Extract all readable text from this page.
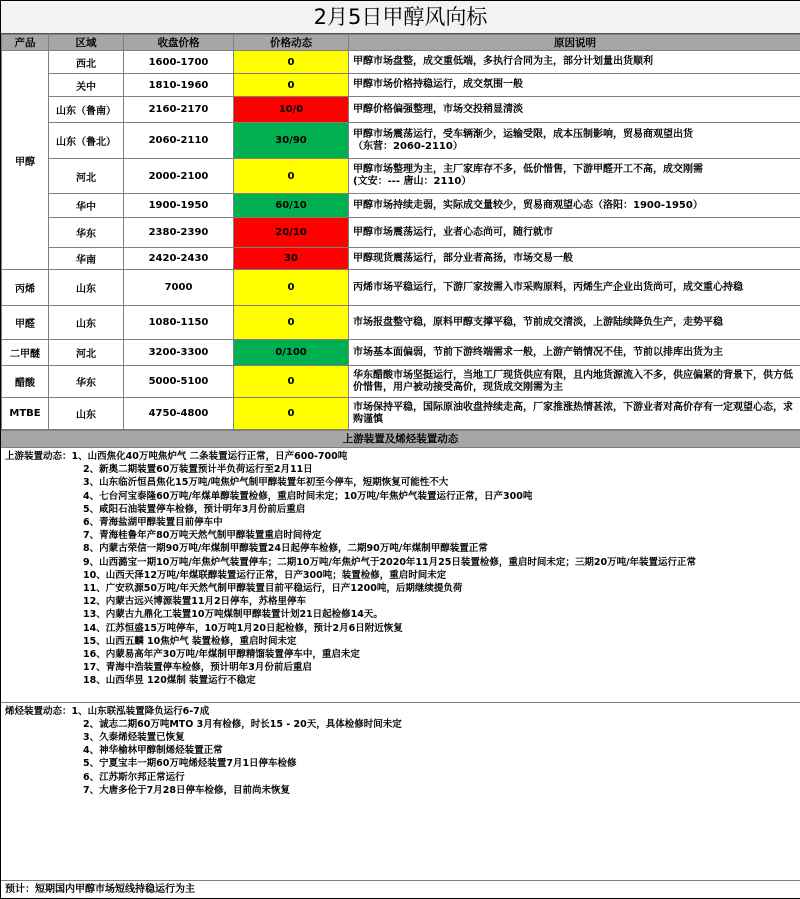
2月5日甲醇风向标
产品	区域	收盘价格	价格动态	原因说明
甲醇	西北	1600-1700	0	甲醇市场盘整，成交重低端，多执行合同为主，部分计划量出货顺利
	关中	1810-1960	0	甲醇市场价格持稳运行，成交氛围一般
	山东（鲁南）	2160-2170	10/0	甲醇价格偏强整理，市场交投稍显清淡
	山东（鲁北）	2060-2110	30/90	甲醇市场震荡运行，受车辆渐少，运输受限，成本压制影响，贸易商观望出货
（东营：2060-2110）

	河北	2000-2100	0	甲醇市场整理为主，主厂家库存不多，低价惜售，下游甲醛开工不高，成交刚需
(文安：--- 唐山：2110）

	华中	1900-1950	60/10	甲醇市场持续走弱，实际成交量较少，贸易商观望心态（洛阳：1900-1950）
	华东	2380-2390	20/10	甲醇市场震荡运行，业者心态尚可，随行就市
	华南	2420-2430	30	甲醇现货震荡运行，部分业者高扬，市场交易一般
丙烯	山东	7000	0	丙烯市场平稳运行，下游厂家按需入市采购原料，丙烯生产企业出货尚可，成交重心持稳
甲醛	山东	1080-1150	0	市场报盘整守稳，原料甲醇支撑平稳，节前成交清淡，上游陆续降负生产，走势平稳
二甲醚	河北	3200-3300	0/100	市场基本面偏弱，节前下游终端需求一般，上游产销情况不佳，节前以排库出货为主
醋酸	华东	5000-5100	0	华东醋酸市场坚挺运行，当地工厂现货供应有限，且内地货源流入不多，供应偏紧的背景下，供方低价惜售，用户被动接受高价，现货成交刚需为主
MTBE	山东	4750-4800	0	市场保持平稳，国际原油收盘持续走高，厂家推涨热情甚浓，下游业者对高价存有一定观望心态，求购谨慎
上游装置及烯烃装置动态
上游装置动态：1、山西焦化40万吨焦炉气 二条装置运行正常，日产600-700吨
2、新奥二期装置60万装置预计半负荷运行至2月11日
3、山东临沂恒昌焦化15万吨/吨焦炉气制甲醇装置年初至今停车，短期恢复可能性不大
4、七台河宝泰隆60万吨/年煤单醇装置检修，重启时间未定；10万吨/年焦炉气装置运行正常，日产300吨
5、咸阳石油装置停车检修，预计明年3月份前后重启
6、青海盐湖甲醇装置目前停车中
7、青海桂鲁年产80万吨天然气制甲醇装置重启时间待定
8、内蒙古荣信一期90万吨/年煤制甲醇装置24日起停车检修，二期90万吨/年煤制甲醇装置正常
9、山西潞宝一期10万吨/年焦炉气装置停车；二期10万吨/年焦炉气于2020年11月25日装置检修，重启时间未定；三期20万吨/年装置运行正常
10、山西天泽12万吨/年煤联醇装置运行正常，日产300吨；装置检修，重启时间未定
11、广安玖源50万吨/年天然气制甲醇装置目前平稳运行，日产1200吨，后期继续提负荷
12、内蒙古远兴博源装置11月2日停车，苏格里停车
13、内蒙古九鼎化工装置10万吨煤制甲醇装置计划21日起检修14天。
14、江苏恒盛15万吨停车，10万吨1月20日起检修，预计2月6日附近恢复
15、山西五麟 10焦炉气 装置检修，重启时间未定
16、内蒙易高年产30万吨/年煤制甲醇精馏装置停车中，重启未定
17、青海中浩装置停车检修，预计明年3月份前后重启
18、山西华昱 120煤制 装置运行不稳定
烯烃装置动态：1、山东联泓装置降负运行6-7成
2、诚志二期60万吨MTO 3月有检修，时长15 - 20天，具体检修时间未定
3、久泰烯烃装置已恢复
4、神华榆林甲醇制烯烃装置正常
5、宁夏宝丰一期60万吨烯烃装置7月1日停车检修
6、江苏斯尔邦正常运行
7、大唐多伦于7月28日停车检修，目前尚未恢复
预计：短期国内甲醇市场短线持稳运行为主
